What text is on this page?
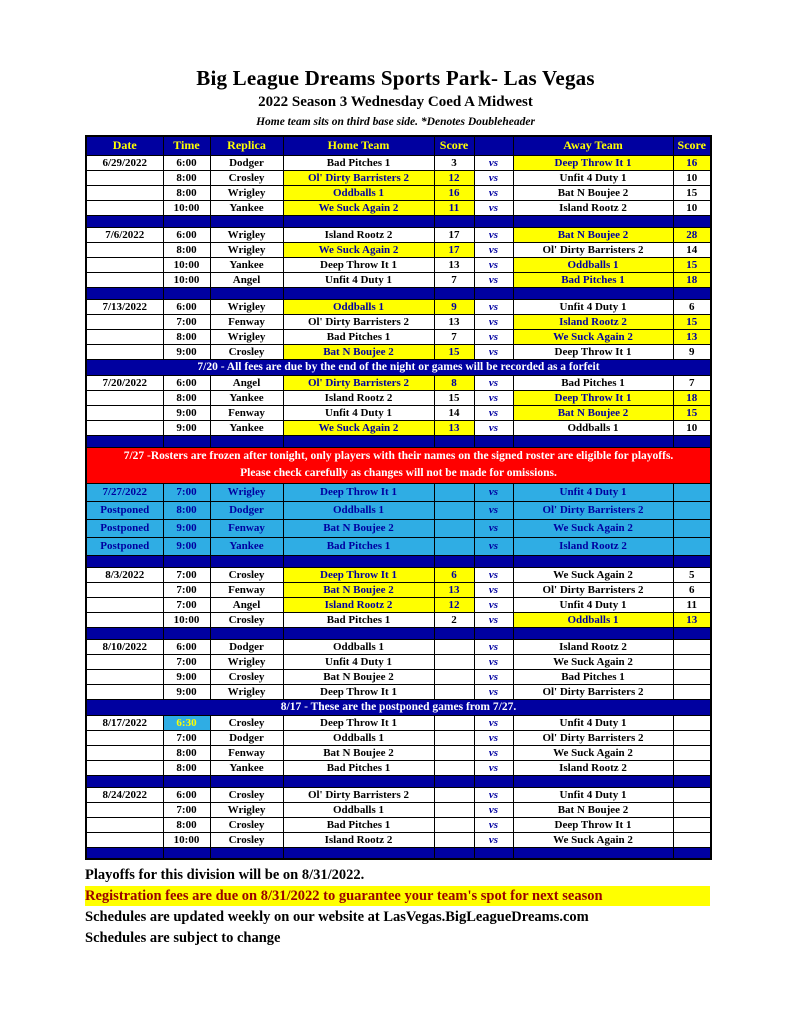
Big League Dreams Sports Park- Las Vegas
2022 Season 3 Wednesday Coed A Midwest
Home team sits on third base side. *Denotes Doubleheader
Date	Time	Replica	Home Team	Score		Away Team	Score
6/29/2022	6:00	Dodger	Bad Pitches 1	3	vs	Deep Throw It 1	16
	8:00	Crosley	Ol' Dirty Barristers 2	12	vs	Unfit 4 Duty 1	10
	8:00	Wrigley	Oddballs 1	16	vs	Bat N Boujee 2	15
	10:00	Yankee	We Suck Again 2	11	vs	Island Rootz 2	10

7/6/2022	6:00	Wrigley	Island Rootz 2	17	vs	Bat N Boujee 2	28
	8:00	Wrigley	We Suck Again 2	17	vs	Ol' Dirty Barristers 2	14
	10:00	Yankee	Deep Throw It 1	13	vs	Oddballs 1	15
	10:00	Angel	Unfit 4 Duty 1	7	vs	Bad Pitches 1	18

7/13/2022	6:00	Wrigley	Oddballs 1	9	vs	Unfit 4 Duty 1	6
	7:00	Fenway	Ol' Dirty Barristers 2	13	vs	Island Rootz 2	15
	8:00	Wrigley	Bad Pitches 1	7	vs	We Suck Again 2	13
	9:00	Crosley	Bat N Boujee 2	15	vs	Deep Throw It 1	9
7/20 - All fees are due by the end of the night or games will be recorded as a forfeit							
7/20/2022	6:00	Angel	Ol' Dirty Barristers 2	8	vs	Bad Pitches 1	7
	8:00	Yankee	Island Rootz 2	15	vs	Deep Throw It 1	18
	9:00	Fenway	Unfit 4 Duty 1	14	vs	Bat N Boujee 2	15
	9:00	Yankee	We Suck Again 2	13	vs	Oddballs 1	10

7/27 -Rosters are frozen after tonight, only players with their names on the signed roster are eligible for playoffs.
Please check carefully as changes will not be made for omissions.							

7/27/2022	7:00	Wrigley	Deep Throw It 1		vs	Unfit 4 Duty 1	
Postponed	8:00	Dodger	Oddballs 1		vs	Ol' Dirty Barristers 2	
Postponed	9:00	Fenway	Bat N Boujee 2		vs	We Suck Again 2	
Postponed	9:00	Yankee	Bad Pitches 1		vs	Island Rootz 2	

8/3/2022	7:00	Crosley	Deep Throw It 1	6	vs	We Suck Again 2	5
	7:00	Fenway	Bat N Boujee 2	13	vs	Ol' Dirty Barristers 2	6
	7:00	Angel	Island Rootz 2	12	vs	Unfit 4 Duty 1	11
	10:00	Crosley	Bad Pitches 1	2	vs	Oddballs 1	13

8/10/2022	6:00	Dodger	Oddballs 1		vs	Island Rootz 2	
	7:00	Wrigley	Unfit 4 Duty 1		vs	We Suck Again 2	
	9:00	Crosley	Bat N Boujee 2		vs	Bad Pitches 1	
	9:00	Wrigley	Deep Throw It 1		vs	Ol' Dirty Barristers 2	
8/17 - These are the postponed games from 7/27.							
8/17/2022	6:30	Crosley	Deep Throw It 1		vs	Unfit 4 Duty 1	
	7:00	Dodger	Oddballs 1		vs	Ol' Dirty Barristers 2	
	8:00	Fenway	Bat N Boujee 2		vs	We Suck Again 2	
	8:00	Yankee	Bad Pitches 1		vs	Island Rootz 2	

8/24/2022	6:00	Crosley	Ol' Dirty Barristers 2		vs	Unfit 4 Duty 1	
	7:00	Wrigley	Oddballs 1		vs	Bat N Boujee 2	
	8:00	Crosley	Bad Pitches 1		vs	Deep Throw It 1	
	10:00	Crosley	Island Rootz 2		vs	We Suck Again 2	

Playoffs for this division will be on 8/31/2022.
Registration fees are due on 8/31/2022 to guarantee your team's spot for next season
Schedules are updated weekly on our website at LasVegas.BigLeagueDreams.com
Schedules are subject to change
